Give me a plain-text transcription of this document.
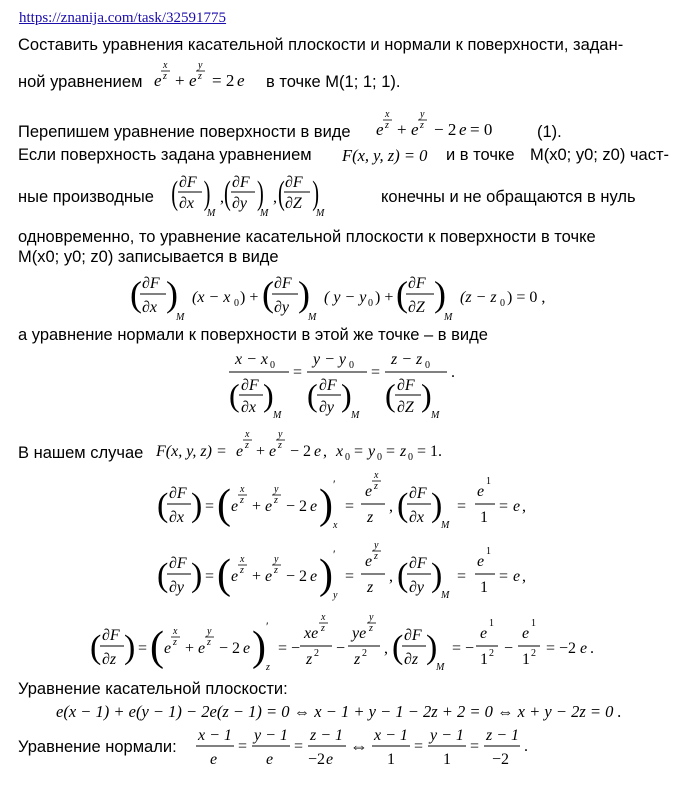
https://znanija.com/task/32591775
Составить уравнения касательной плоскости и нормали к поверхности, задан-
ной уравнением e
x
z + e
y
z = 2 e в точке M(1; 1; 1).
Перепишем уравнение поверхности в виде e
x
z + e
y
z − 2 e = 0	(1).
Если поверхность задана уравнением F(x, y, z) = 0 и в точке M(x0; y0; z0) част-
ные производные ( ∂F
∂x )
M
, ( ∂F
∂y )
M
, ( ∂F
∂Z )
M
конечны и не обращаются в нуль
одновременно, то уравнение касательной плоскости к поверхности в точке
M(x0; y0; z0) записывается в виде
( ∂F
∂x )
M
(x − x 0 ) + ( ∂F
∂y )
M
( y − y 0 ) + ( ∂F
∂Z )
M
(z − z 0 ) = 0 ,
а уравнение нормали к поверхности в этой же точке – в виде
x − x 0
( ∂F
∂x )
M
=
y − y 0
( ∂F
∂y )
M
=
z − z 0
( ∂F
∂Z )
M
.
В нашем случае F(x, y, z) = e
x
z + e
y
z − 2 e , x 0 = y 0 = z 0 = 1.
( ∂F
∂x ) = ( e
x
z + e
y
z − 2 e ) ′
x
=
e
x
z
z
, ( ∂F
∂x )
M
=
e
1
1
= e ,
( ∂F
∂y ) = ( e
x
z + e
y
z − 2 e ) ′
y
=
e
y
z
z
, ( ∂F
∂y )
M
=
e
1
1
= e ,
( ∂F
∂z ) = ( e
x
z + e
y
z − 2 e ) ′
z
= −
xe
x
z
z 2 −
ye
y
z
z 2 , ( ∂F
∂z )
M
= −
e
1
1 2 −
e
1
1 2 = −2 e .
Уравнение касательной плоскости:
e(x − 1) + e(y − 1) − 2e(z − 1) = 0 ⇔ x − 1 + y − 1 − 2z + 2 = 0 ⇔ x + y − 2z = 0 .
Уравнение нормали:
x − 1
e
=
y − 1
e
=
z − 1
−2 e
⇔
x − 1
1
=
y − 1
1
=
z − 1
−2
.
